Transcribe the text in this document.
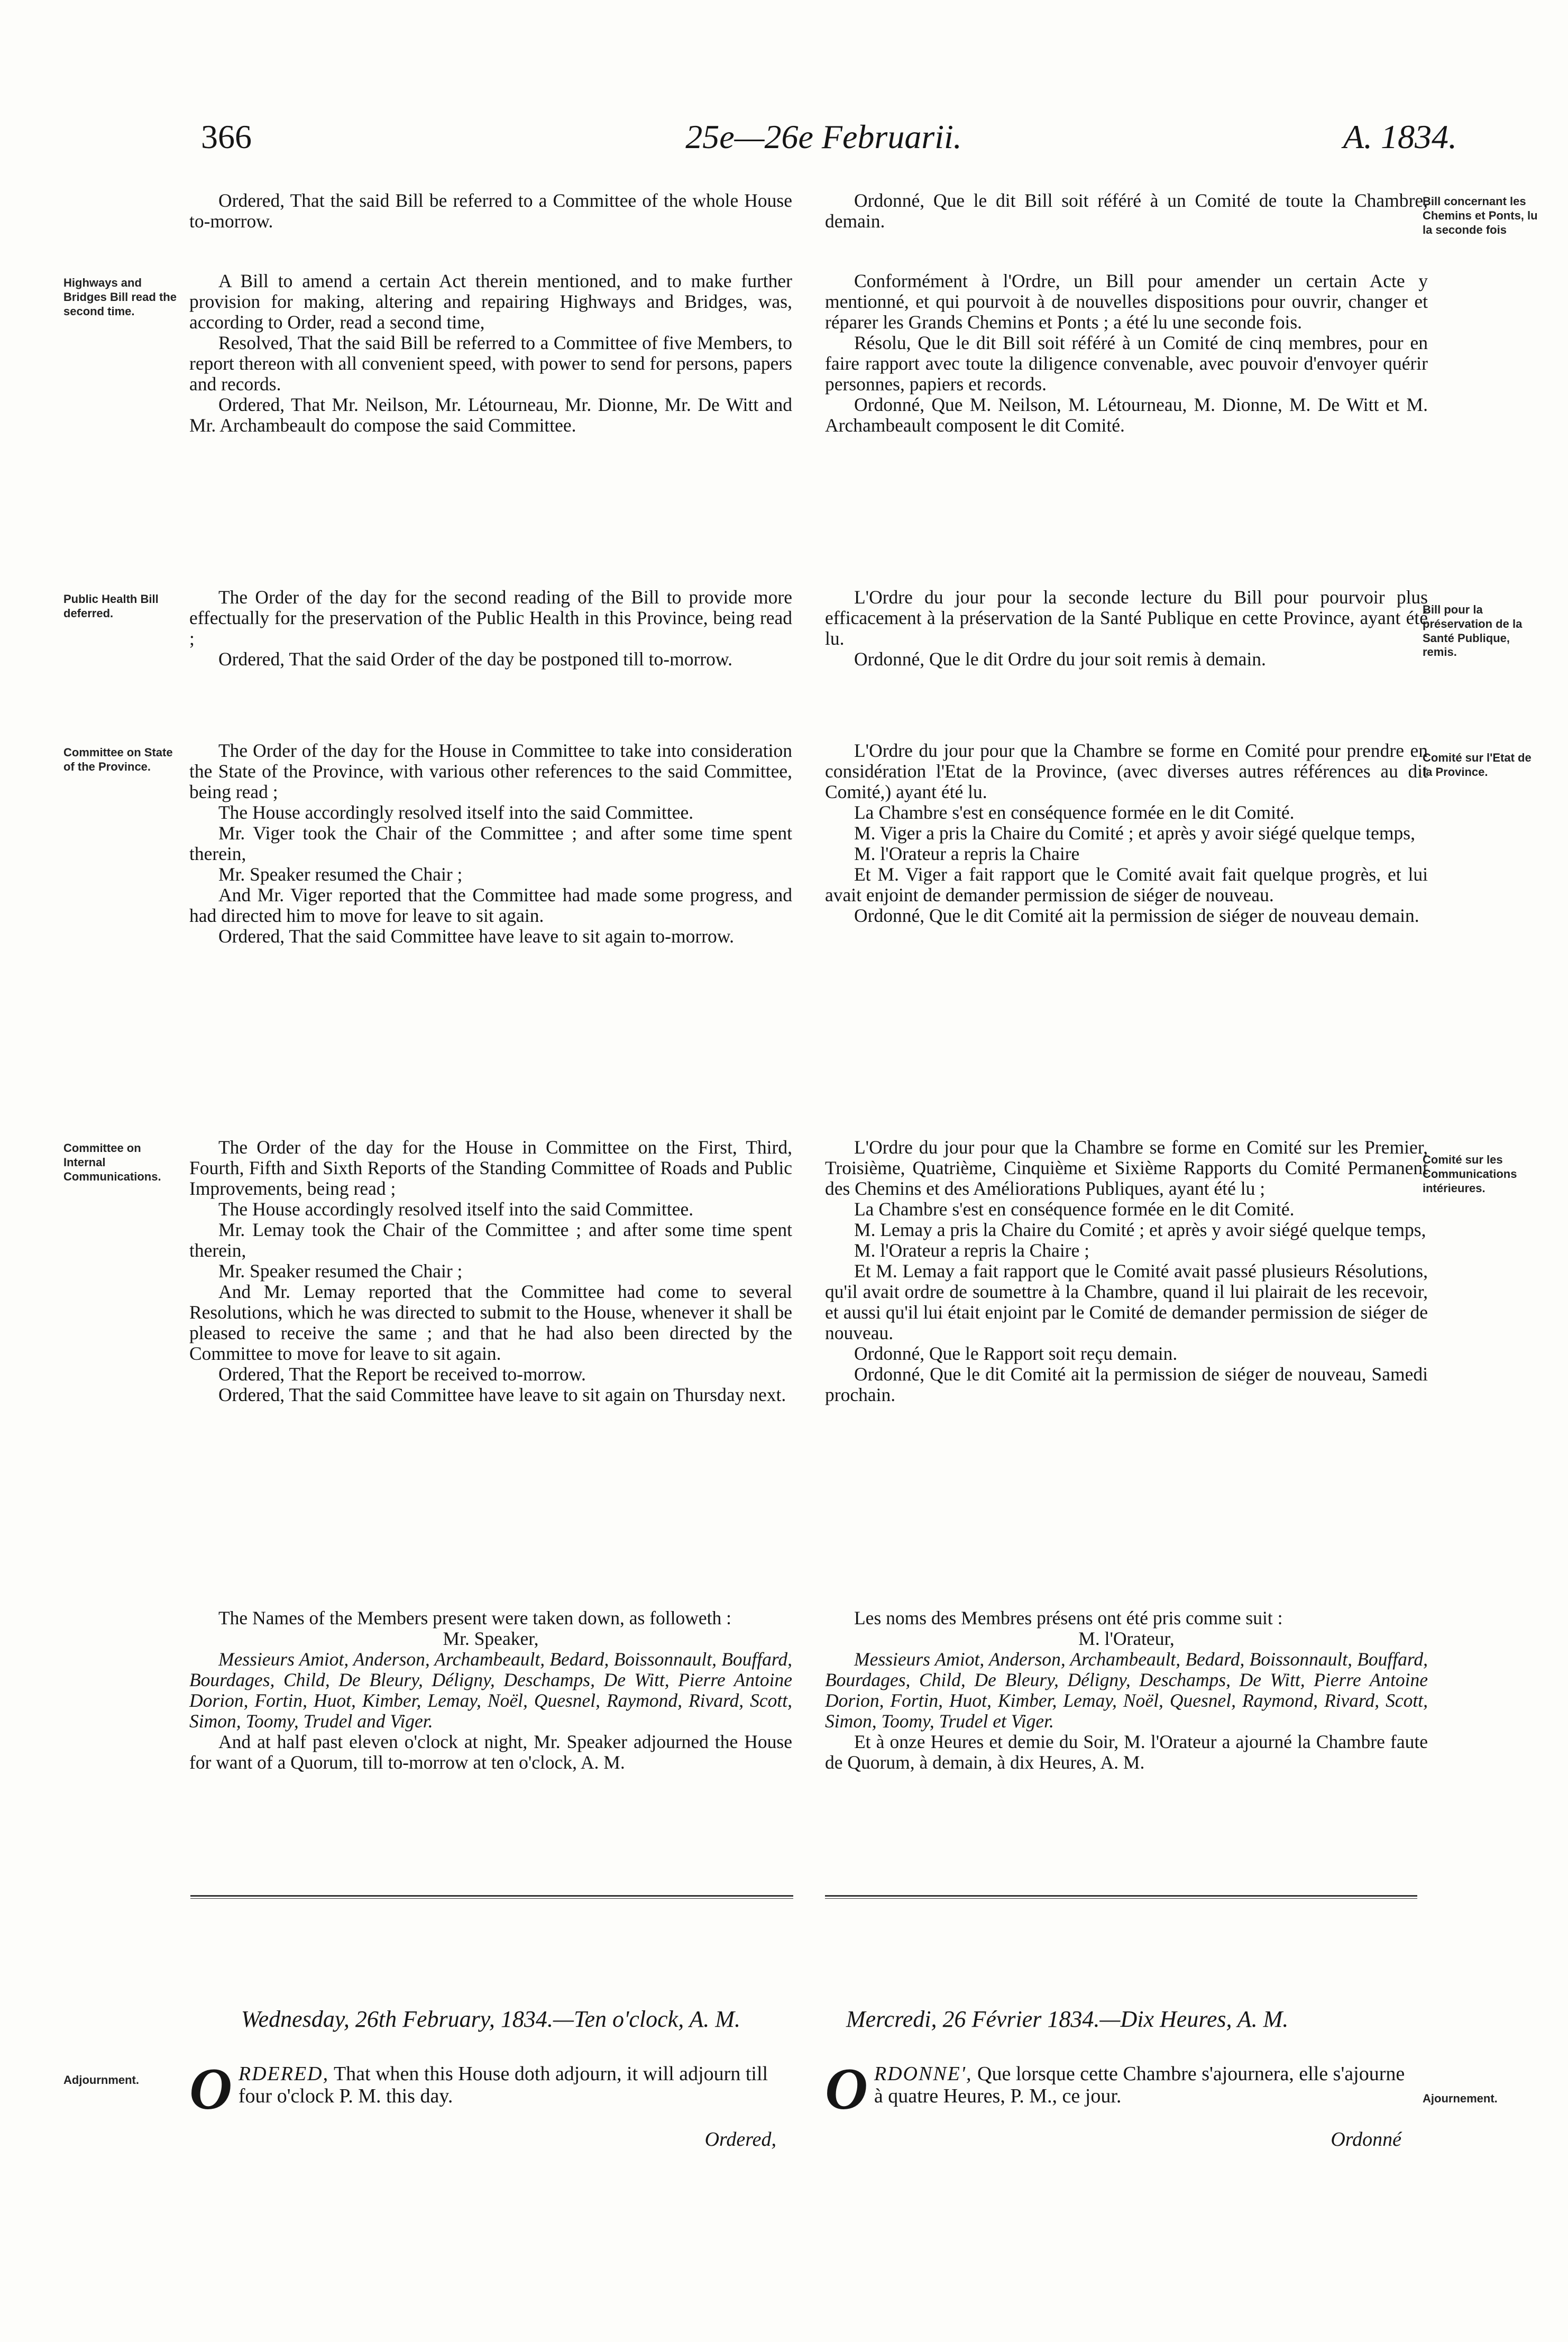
366	25e—26e Februarii.	A. 1834.
Bill concernant les Chemins et Ponts, lu la seconde fois

Ordered, That the said Bill be referred to a Committee of the whole House to-morrow.

Ordonné, Que le dit Bill soit référé à un Comité de toute la Chambre, demain.

Highways and Bridges Bill read the second time.

A Bill to amend a certain Act therein mentioned, and to make further provision for making, altering and repairing Highways and Bridges, was, according to Order, read a second time,

Resolved, That the said Bill be referred to a Committee of five Members, to report thereon with all convenient speed, with power to send for persons, papers and records.

Ordered, That Mr. Neilson, Mr. Létourneau, Mr. Dionne, Mr. De Witt and Mr. Archambeault do compose the said Committee.

Conformément à l'Ordre, un Bill pour amender un certain Acte y mentionné, et qui pourvoit à de nouvelles dispositions pour ouvrir, changer et réparer les Grands Chemins et Ponts ; a été lu une seconde fois.

Résolu, Que le dit Bill soit référé à un Comité de cinq membres, pour en faire rapport avec toute la diligence convenable, avec pouvoir d'envoyer quérir personnes, papiers et records.

Ordonné, Que M. Neilson, M. Létourneau, M. Dionne, M. De Witt et M. Archambeault composent le dit Comité.

Public Health Bill deferred.	Bill pour la préservation de la Santé Publique, remis.

The Order of the day for the second reading of the Bill to provide more effectually for the preservation of the Public Health in this Province, being read ;

Ordered, That the said Order of the day be postponed till to-morrow.

L'Ordre du jour pour la seconde lecture du Bill pour pourvoir plus efficacement à la préservation de la Santé Publique en cette Province, ayant été lu.

Ordonné, Que le dit Ordre du jour soit remis à demain.

Committee on State of the Province.
Comité sur l'Etat de la Province.

The Order of the day for the House in Committee to take into consideration the State of the Province, with various other references to the said Committee, being read ;

The House accordingly resolved itself into the said Committee.

Mr. Viger took the Chair of the Committee ; and after some time spent therein,

Mr. Speaker resumed the Chair ;

And Mr. Viger reported that the Committee had made some progress, and had directed him to move for leave to sit again.

Ordered, That the said Committee have leave to sit again to-morrow.

L'Ordre du jour pour que la Chambre se forme en Comité pour prendre en considération l'Etat de la Province, (avec diverses autres références au dit Comité,) ayant été lu.

La Chambre s'est en conséquence formée en le dit Comité.

M. Viger a pris la Chaire du Comité ; et après y avoir siégé quelque temps,

M. l'Orateur a repris la Chaire

Et M. Viger a fait rapport que le Comité avait fait quelque progrès, et lui avait enjoint de demander permission de siéger de nouveau.

Ordonné, Que le dit Comité ait la permission de siéger de nouveau demain.

Committee on Internal Communications.
Comité sur les Communications intérieures.

The Order of the day for the House in Committee on the First, Third, Fourth, Fifth and Sixth Reports of the Standing Committee of Roads and Public Improvements, being read ;

The House accordingly resolved itself into the said Committee.

Mr. Lemay took the Chair of the Committee ; and after some time spent therein,

Mr. Speaker resumed the Chair ;

And Mr. Lemay reported that the Committee had come to several Resolutions, which he was directed to submit to the House, whenever it shall be pleased to receive the same ; and that he had also been directed by the Committee to move for leave to sit again.

Ordered, That the Report be received to-morrow.

Ordered, That the said Committee have leave to sit again on Thursday next.

L'Ordre du jour pour que la Chambre se forme en Comité sur les Premier, Troisième, Quatrième, Cinquième et Sixième Rapports du Comité Permanent des Chemins et des Améliorations Publiques, ayant été lu ;

La Chambre s'est en conséquence formée en le dit Comité.

M. Lemay a pris la Chaire du Comité ; et après y avoir siégé quelque temps,

M. l'Orateur a repris la Chaire ;

Et M. Lemay a fait rapport que le Comité avait passé plusieurs Résolutions, qu'il avait ordre de soumettre à la Chambre, quand il lui plairait de les recevoir, et aussi qu'il lui était enjoint par le Comité de demander permission de siéger de nouveau.

Ordonné, Que le Rapport soit reçu demain.

Ordonné, Que le dit Comité ait la permission de siéger de nouveau, Samedi prochain.

The Names of the Members present were taken down, as followeth :

Mr. Speaker,

Messieurs Amiot, Anderson, Archambeault, Bedard, Boissonnault, Bouffard, Bourdages, Child, De Bleury, Déligny, Deschamps, De Witt, Pierre Antoine Dorion, Fortin, Huot, Kimber, Lemay, Noël, Quesnel, Raymond, Rivard, Scott, Simon, Toomy, Trudel and Viger.

And at half past eleven o'clock at night, Mr. Speaker adjourned the House for want of a Quorum, till to-morrow at ten o'clock, A. M.

Les noms des Membres présens ont été pris comme suit :

M. l'Orateur,

Messieurs Amiot, Anderson, Archambeault, Bedard, Boissonnault, Bouffard, Bourdages, Child, De Bleury, Déligny, Deschamps, De Witt, Pierre Antoine Dorion, Fortin, Huot, Kimber, Lemay, Noël, Quesnel, Raymond, Rivard, Scott, Simon, Toomy, Trudel et Viger.

Et à onze Heures et demie du Soir, M. l'Orateur a ajourné la Chambre faute de Quorum, à demain, à dix Heures, A. M.

Wednesday, 26th February, 1834.—Ten o'clock, A. M.	Mercredi, 26 Février 1834.—Dix Heures, A. M.
Adjournment.
Ajournement.
O RDERED, That when this House doth adjourn, it will adjourn till four o'clock P. M. this day.
Ordered,
O RDONNE', Que lorsque cette Chambre s'ajournera, elle s'ajourne à quatre Heures, P. M., ce jour.
Ordonné
